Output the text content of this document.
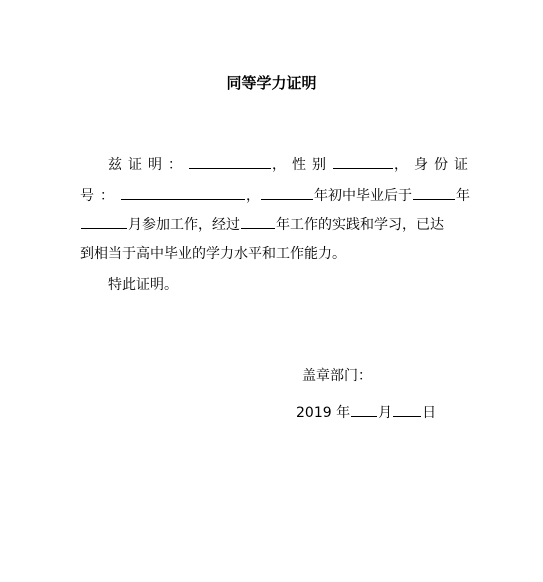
同等学力证明
兹证明：	，性别	，身份证
号：	，	年初中毕业后于	年
月参加工作，经过	年工作的实践和学习，已达
到相当于高中毕业的学力水平和工作能力。
特此证明。
盖章部门：
2019 年 月 日
